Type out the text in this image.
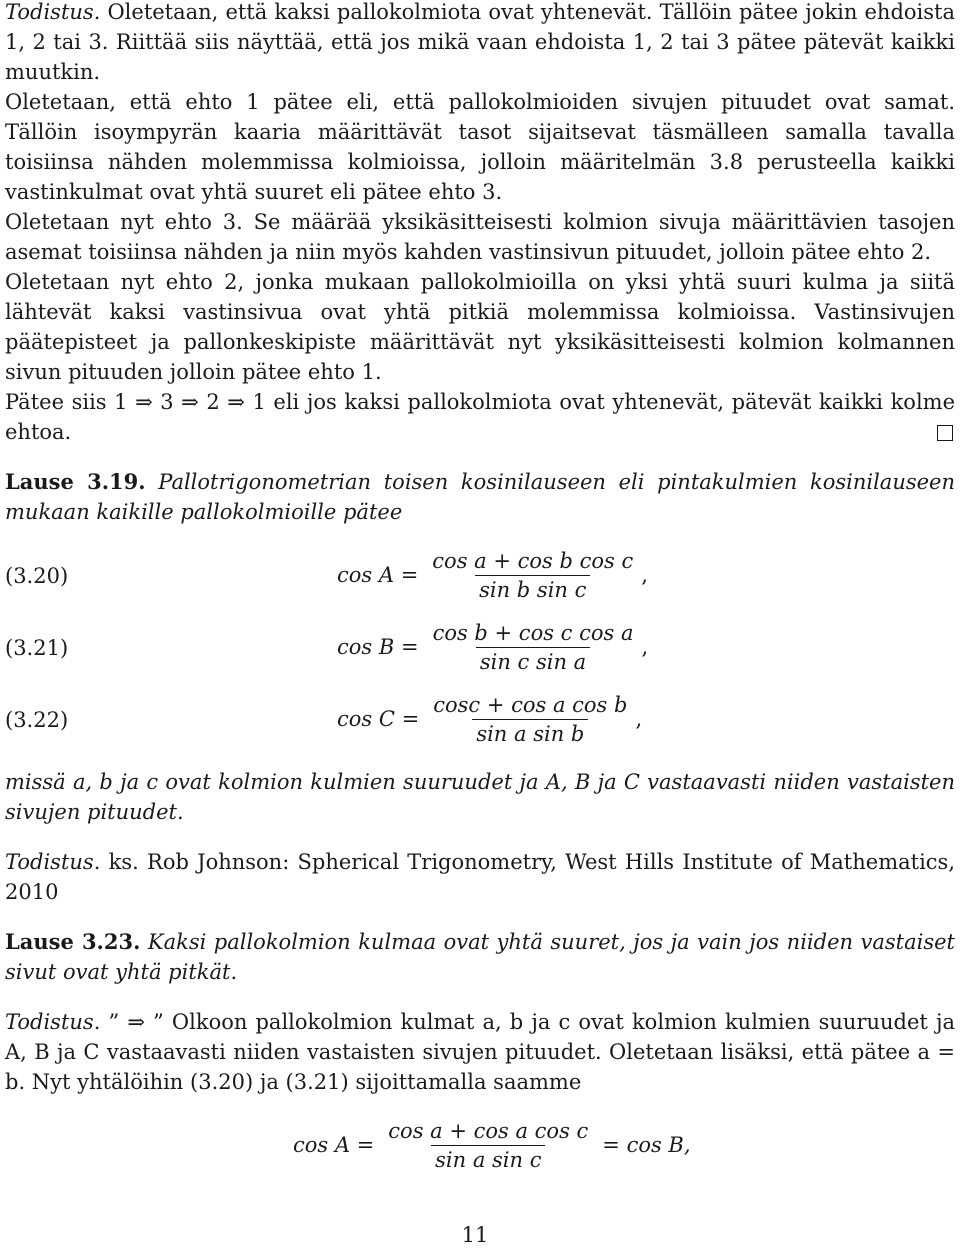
Todistus. Oletetaan, että kaksi pallokolmiota ovat yhtenevät. Tällöin pätee jokin ehdoista 1, 2 tai 3. Riittää siis näyttää, että jos mikä vaan ehdoista 1, 2 tai 3 pätee pätevät kaikki muutkin.

Oletetaan, että ehto 1 pätee eli, että pallokolmioiden sivujen pituudet ovat samat. Tällöin isoympyrän kaaria määrittävät tasot sijaitsevat täsmälleen samalla tavalla toisiinsa nähden molemmissa kolmioissa, jolloin määritelmän 3.8 perusteella kaikki vastinkulmat ovat yhtä suuret eli pätee ehto 3.

Oletetaan nyt ehto 3. Se määrää yksikäsitteisesti kolmion sivuja määrittävien tasojen asemat toisiinsa nähden ja niin myös kahden vastinsivun pituudet, jolloin pätee ehto 2.

Oletetaan nyt ehto 2, jonka mukaan pallokolmioilla on yksi yhtä suuri kulma ja siitä lähtevät kaksi vastinsivua ovat yhtä pitkiä molemmissa kolmioissa. Vastinsivujen päätepisteet ja pallonkeskipiste määrittävät nyt yksikäsitteisesti kolmion kolmannen sivun pituuden jolloin pätee ehto 1.

Pätee siis 1 ⇒ 3 ⇒ 2 ⇒ 1 eli jos kaksi pallokolmiota ovat yhtenevät, pätevät kaikki kolme ehtoa.

Lause 3.19. Pallotrigonometrian toisen kosinilauseen eli pintakulmien kosinilauseen mukaan kaikille pallokolmioille pätee

(3.20)	$\cos A = \frac{\text{cos a + cos b cos c}}{\text{sin b sin c}}$ ,
(3.21)	$\cos B = \frac{\text{cos b + cos c cos a}}{\text{sin c sin a}}$ ,
(3.22)	$\cos C = \frac{\text{cosc + cos a cos b}}{\text{sin a sin b}}$ ,

missä a, b ja c ovat kolmion kulmien suuruudet ja A, B ja C vastaavasti niiden vastaisten sivujen pituudet.

Todistus. ks. Rob Johnson: Spherical Trigonometry, West Hills Institute of Mathematics, 2010

Lause 3.23. Kaksi pallokolmion kulmaa ovat yhtä suuret, jos ja vain jos niiden vastaiset sivut ovat yhtä pitkät.

Todistus. ” ⇒ ” Olkoon pallokolmion kulmat a, b ja c ovat kolmion kulmien suuruudet ja A, B ja C vastaavasti niiden vastaisten sivujen pituudet. Oletetaan lisäksi, että pätee a = b. Nyt yhtälöihin (3.20) ja (3.21) sijoittamalla saamme

$\cos A = \frac{\text{cos a + cos a cos c}}{\text{sin a sin c}} = \cos B$,
11
